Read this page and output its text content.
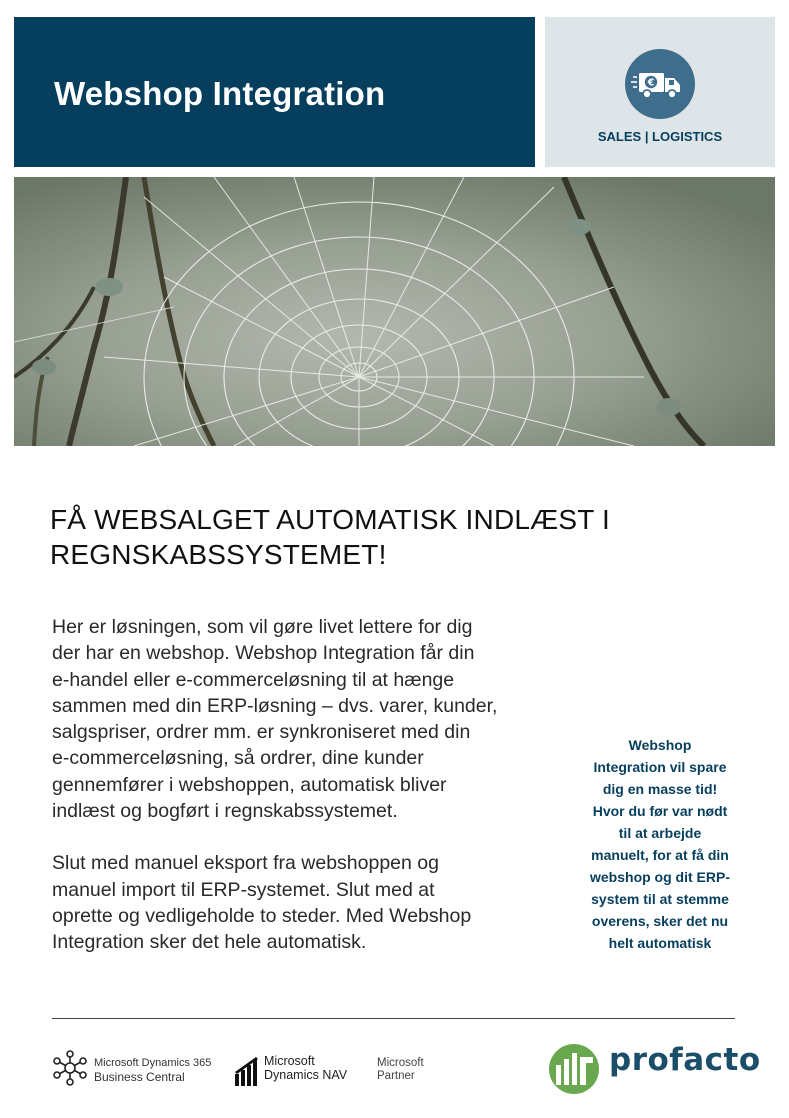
Webshop Integration	€
SALES | LOGISTICS
FÅ WEBSALGET AUTOMATISK INDLÆST I
REGNSKABSSYSTEMET!

Her er løsningen, som vil gøre livet lettere for dig
der har en webshop. Webshop Integration får din
e-handel eller e-commerceløsning til at hænge
sammen med din ERP-løsning – dvs. varer, kunder,
salgspriser, ordrer mm. er synkroniseret med din
e-commerceløsning, så ordrer, dine kunder
gennemfører i webshoppen, automatisk bliver
indlæst og bogført i regnskabssystemet.

Slut med manuel eksport fra webshoppen og
manuel import til ERP-systemet. Slut med at
oprette og vedligeholde to steder. Med Webshop
Integration sker det hele automatisk.

Webshop
Integration vil spare
dig en masse tid!
Hvor du før var nødt
til at arbejde
manuelt, for at få din
webshop og dit ERP-
system til at stemme
overens, sker det nu
helt automatisk
Microsoft Dynamics 365
Business Central
Microsoft
Dynamics NAV
Microsoft
Partner	profacto
